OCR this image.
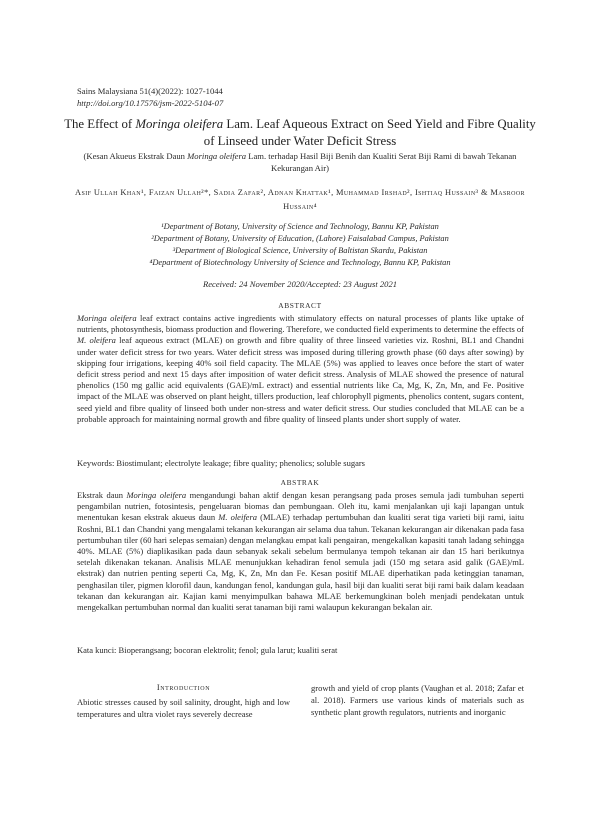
Sains Malaysiana 51(4)(2022): 1027-1044
http://doi.org/10.17576/jsm-2022-5104-07
The Effect of Moringa oleifera Lam. Leaf Aqueous Extract on Seed Yield and Fibre Quality of Linseed under Water Deficit Stress
(Kesan Akueus Ekstrak Daun Moringa oleifera Lam. terhadap Hasil Biji Benih dan Kualiti Serat Biji Rami di bawah Tekanan Kekurangan Air)
Asif Ullah Khan¹, Faizan Ullah²*, Sadia Zafar², Adnan Khattak¹, Muhammad Irshad², Ishtiaq Hussain³ & Masroor Hussain⁴
¹Department of Botany, University of Science and Technology, Bannu KP, Pakistan
²Department of Botany, University of Education, (Lahore) Faisalabad Campus, Pakistan
³Department of Biological Science, University of Baltistan Skardu, Pakistan
⁴Department of Biotechnology University of Science and Technology, Bannu KP, Pakistan
Received: 24 November 2020/Accepted: 23 August 2021
ABSTRACT
Moringa oleifera leaf extract contains active ingredients with stimulatory effects on natural processes of plants like uptake of nutrients, photosynthesis, biomass production and flowering. Therefore, we conducted field experiments to determine the effects of M. oleifera leaf aqueous extract (MLAE) on growth and fibre quality of three linseed varieties viz. Roshni, BL1 and Chandni under water deficit stress for two years. Water deficit stress was imposed during tillering growth phase (60 days after sowing) by skipping four irrigations, keeping 40% soil field capacity. The MLAE (5%) was applied to leaves once before the start of water deficit stress period and next 15 days after imposition of water deficit stress. Analysis of MLAE showed the presence of natural phenolics (150 mg gallic acid equivalents (GAE)/mL extract) and essential nutrients like Ca, Mg, K, Zn, Mn, and Fe. Positive impact of the MLAE was observed on plant height, tillers production, leaf chlorophyll pigments, phenolics content, sugars content, seed yield and fibre quality of linseed both under non-stress and water deficit stress. Our studies concluded that MLAE can be a probable approach for maintaining normal growth and fibre quality of linseed plants under short supply of water.
Keywords: Biostimulant; electrolyte leakage; fibre quality; phenolics; soluble sugars
ABSTRAK
Ekstrak daun Moringa oleifera mengandungi bahan aktif dengan kesan perangsang pada proses semula jadi tumbuhan seperti pengambilan nutrien, fotosintesis, pengeluaran biomas dan pembungaan. Oleh itu, kami menjalankan uji kaji lapangan untuk menentukan kesan ekstrak akueus daun M. oleifera (MLAE) terhadap pertumbuhan dan kualiti serat tiga varieti biji rami, iaitu Roshni, BL1 dan Chandni yang mengalami tekanan kekurangan air selama dua tahun. Tekanan kekurangan air dikenakan pada fasa pertumbuhan tiler (60 hari selepas semaian) dengan melangkau empat kali pengairan, mengekalkan kapasiti tanah ladang sehingga 40%. MLAE (5%) diaplikasikan pada daun sebanyak sekali sebelum bermulanya tempoh tekanan air dan 15 hari berikutnya setelah dikenakan tekanan. Analisis MLAE menunjukkan kehadiran fenol semula jadi (150 mg setara asid galik (GAE)/mL ekstrak) dan nutrien penting seperti Ca, Mg, K, Zn, Mn dan Fe. Kesan positif MLAE diperhatikan pada ketinggian tanaman, penghasilan tiler, pigmen klorofil daun, kandungan fenol, kandungan gula, hasil biji dan kualiti serat biji rami baik dalam keadaan tekanan dan kekurangan air. Kajian kami menyimpulkan bahawa MLAE berkemungkinan boleh menjadi pendekatan untuk mengekalkan pertumbuhan normal dan kualiti serat tanaman biji rami walaupun kekurangan bekalan air.
Kata kunci: Bioperangsang; bocoran elektrolit; fenol; gula larut; kualiti serat
Introduction
Abiotic stresses caused by soil salinity, drought, high and low temperatures and ultra violet rays severely decrease
growth and yield of crop plants (Vaughan et al. 2018; Zafar et al. 2018). Farmers use various kinds of materials such as synthetic plant growth regulators, nutrients and inorganic
